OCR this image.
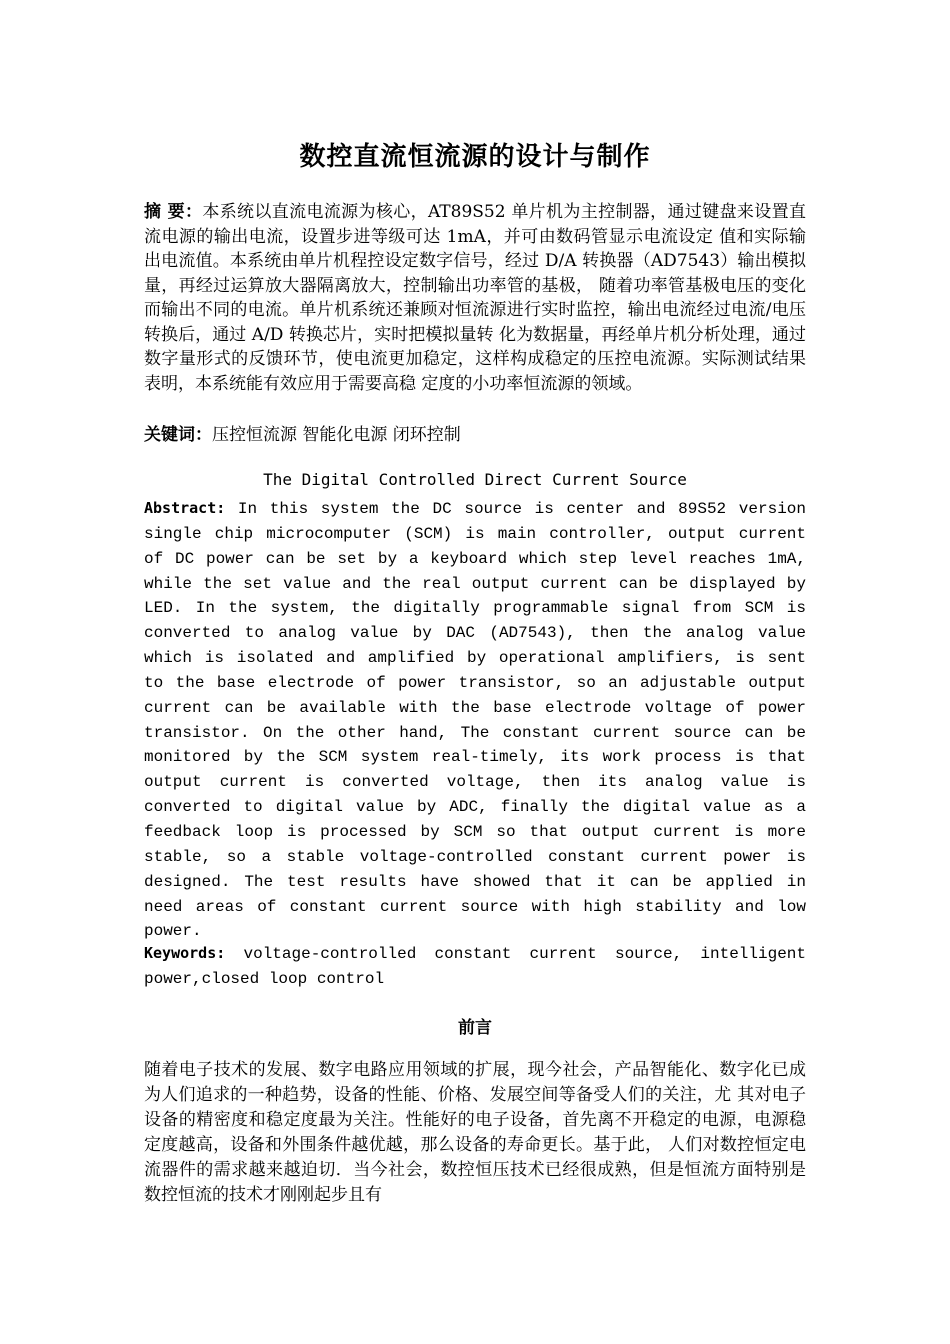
数控直流恒流源的设计与制作
摘 要：本系统以直流电流源为核心，AT89S52 单片机为主控制器，通过键盘来设置直流电源的输出电流，设置步进等级可达 1mA，并可由数码管显示电流设定 值和实际输出电流值。本系统由单片机程控设定数字信号，经过 D/A 转换器（AD7543）输出模拟量，再经过运算放大器隔离放大，控制输出功率管的基极， 随着功率管基极电压的变化而输出不同的电流。单片机系统还兼顾对恒流源进行实时监控，输出电流经过电流/电压转换后，通过 A/D 转换芯片，实时把模拟量转 化为数据量，再经单片机分析处理，通过数字量形式的反馈环节，使电流更加稳定，这样构成稳定的压控电流源。实际测试结果表明，本系统能有效应用于需要高稳 定度的小功率恒流源的领域。
关键词：压控恒流源 智能化电源 闭环控制
The Digital Controlled Direct Current Source
Abstract: In this system the DC source is center and 89S52 version single chip microcomputer (SCM) is main controller, output current of DC power can be set by a keyboard which step level reaches 1mA, while the set value and the real output current can be displayed by LED. In the system, the digitally programmable signal from SCM is converted to analog value by DAC (AD7543), then the analog value which is isolated and amplified by operational amplifiers, is sent to the base electrode of power transistor, so an adjustable output current can be available with the base electrode voltage of power transistor. On the other hand, The constant current source can be monitored by the SCM system real-timely, its work process is that output current is converted voltage, then its analog value is converted to digital value by ADC, finally the digital value as a feedback loop is processed by SCM so that output current is more stable, so a stable voltage-controlled constant current power is designed. The test results have showed that it can be applied in need areas of constant current source with high stability and low power.
Keywords: voltage-controlled constant current source, intelligent power,closed loop control
前言
随着电子技术的发展、数字电路应用领域的扩展，现今社会，产品智能化、数字化已成为人们追求的一种趋势，设备的性能、价格、发展空间等备受人们的关注，尤 其对电子设备的精密度和稳定度最为关注。性能好的电子设备，首先离不开稳定的电源，电源稳定度越高，设备和外围条件越优越，那么设备的寿命更长。基于此， 人们对数控恒定电流器件的需求越来越迫切．当今社会，数控恒压技术已经很成熟，但是恒流方面特别是数控恒流的技术才刚刚起步且有
